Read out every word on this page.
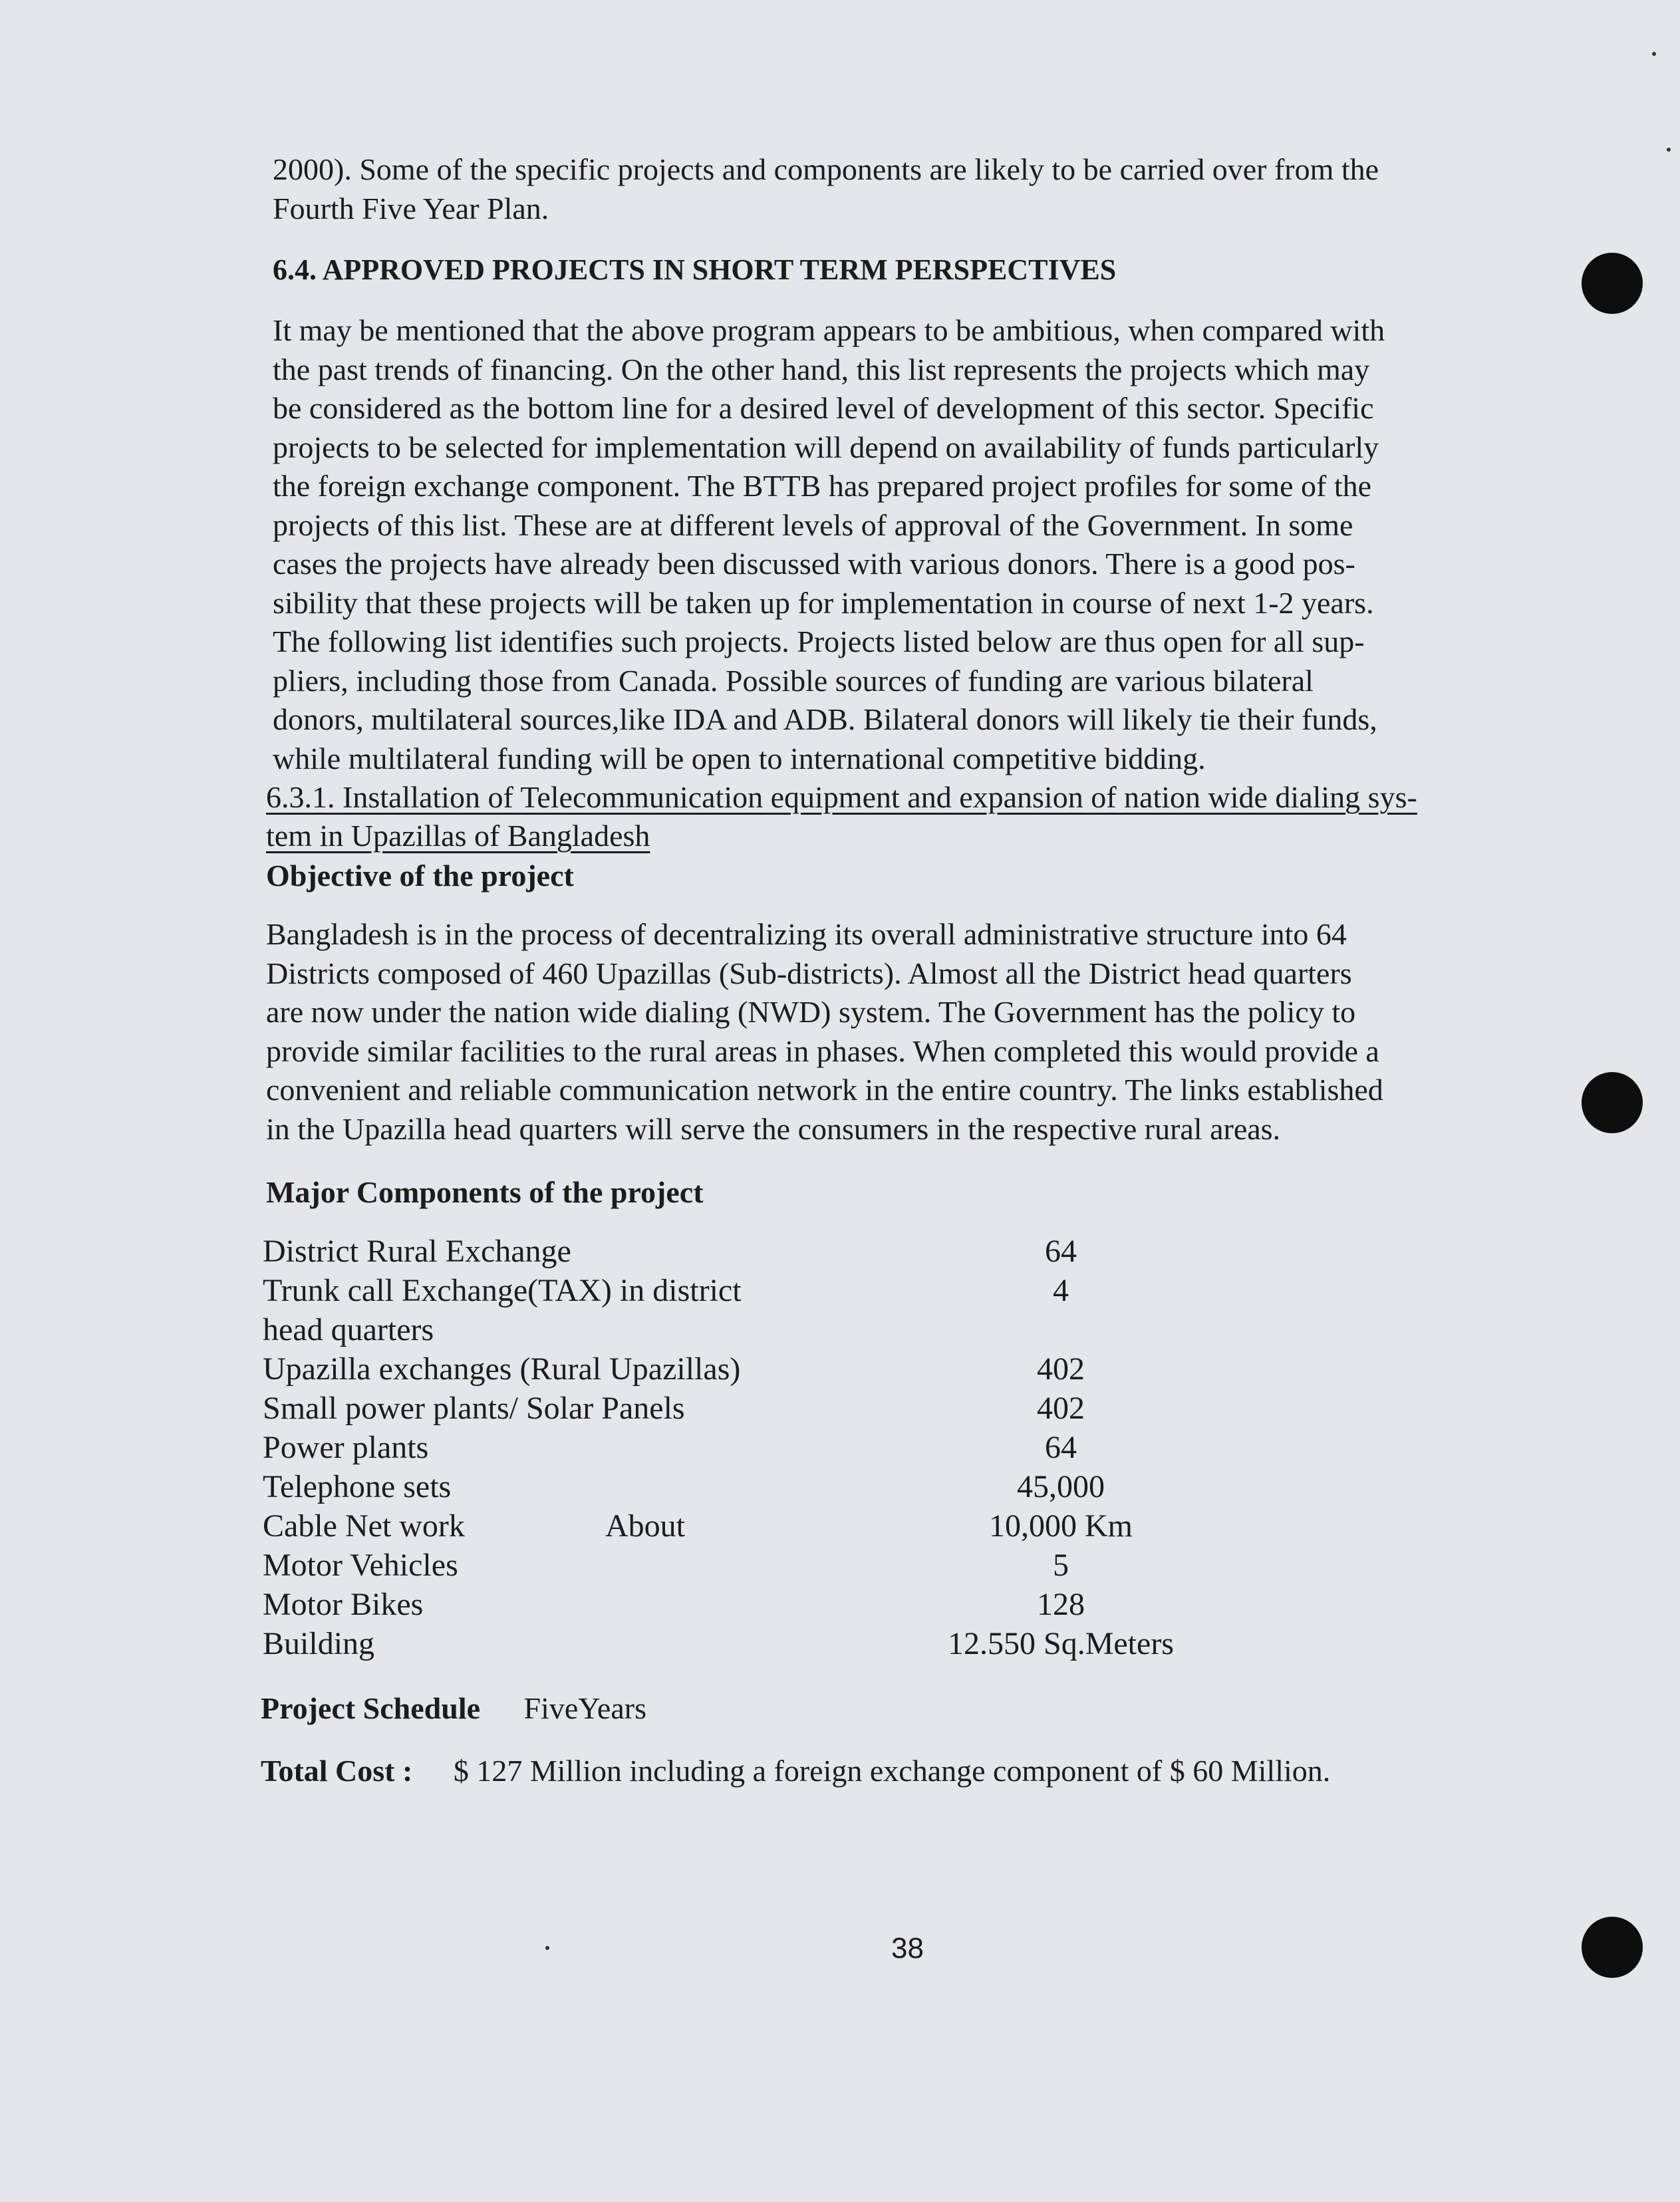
2000). Some of the specific projects and components are likely to be carried over from the
Fourth Five Year Plan.
6.4. APPROVED PROJECTS IN SHORT TERM PERSPECTIVES
It may be mentioned that the above program appears to be ambitious, when compared with
the past trends of financing. On the other hand, this list represents the projects which may
be considered as the bottom line for a desired level of development of this sector. Specific
projects to be selected for implementation will depend on availability of funds particularly
the foreign exchange component. The BTTB has prepared project profiles for some of the
projects of this list. These are at different levels of approval of the Government. In some
cases the projects have already been discussed with various donors. There is a good pos-
sibility that these projects will be taken up for implementation in course of next 1-2 years.
The following list identifies such projects. Projects listed below are thus open for all sup-
pliers, including those from Canada. Possible sources of funding are various bilateral
donors, multilateral sources,like IDA and ADB. Bilateral donors will likely tie their funds,
while multilateral funding will be open to international competitive bidding.
6.3.1. Installation of Telecommunication equipment and expansion of nation wide dialing sys-
tem in Upazillas of Bangladesh
Objective of the project
Bangladesh is in the process of decentralizing its overall administrative structure into 64
Districts composed of 460 Upazillas (Sub-districts). Almost all the District head quarters
are now under the nation wide dialing (NWD) system. The Government has the policy to
provide similar facilities to the rural areas in phases. When completed this would provide a
convenient and reliable communication network in the entire country. The links established
in the Upazilla head quarters will serve the consumers in the respective rural areas.
Major Components of the project
District Rural Exchange	64
Trunk call Exchange(TAX) in district	4
head quarters
Upazilla exchanges (Rural Upazillas)	402
Small power plants/ Solar Panels	402
Power plants	64
Telephone sets	45,000
Cable Net work	About	10,000 Km
Motor Vehicles	5
Motor Bikes	128
Building	12.550 Sq.Meters
Project Schedule FiveYears
Total Cost : $ 127 Million including a foreign exchange component of $ 60 Million.
38
